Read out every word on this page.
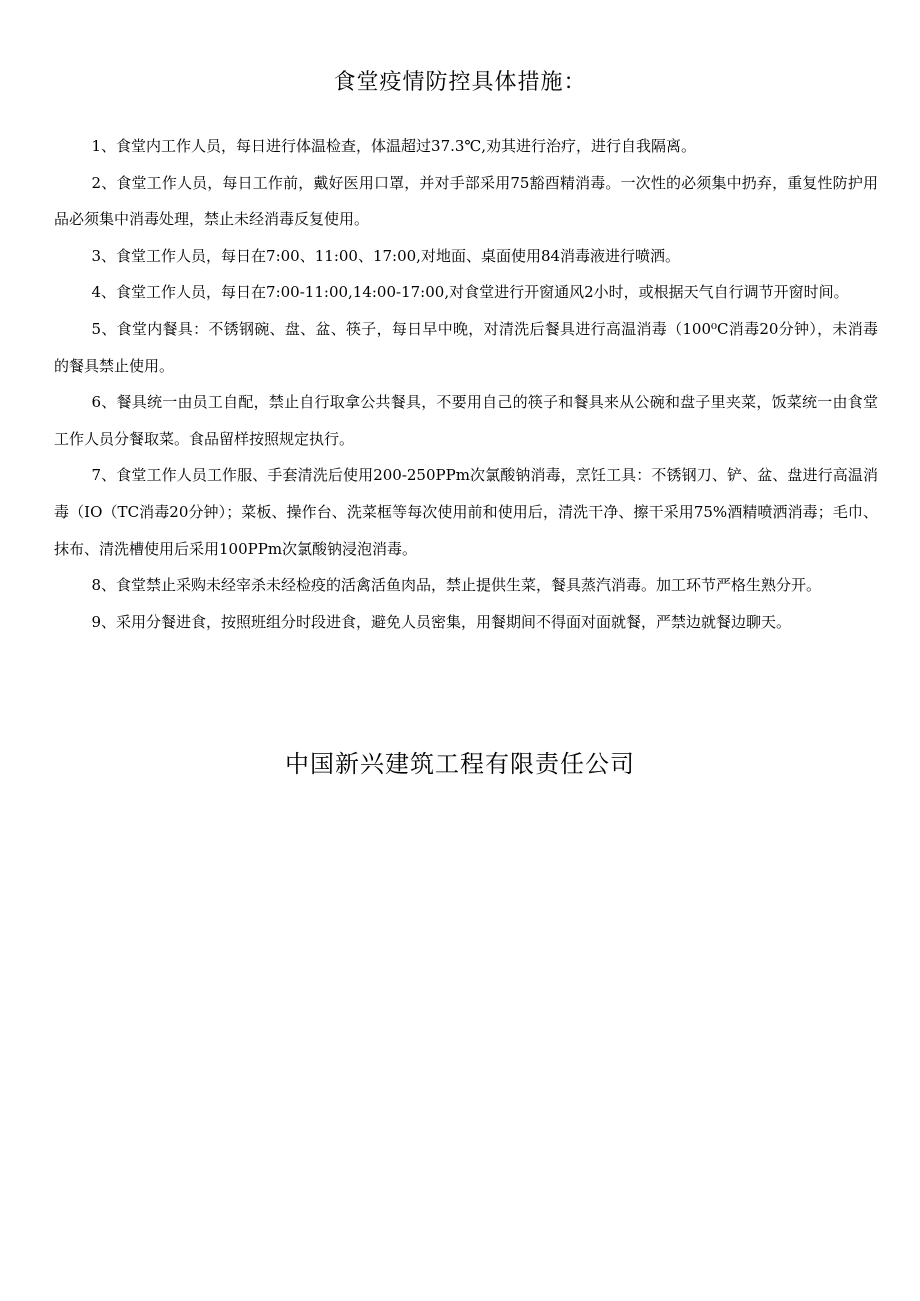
食堂疫情防控具体措施：
1、食堂内工作人员，每日进行体温检查，体温超过37.3℃,劝其进行治疗，进行自我隔离。
2、食堂工作人员，每日工作前，戴好医用口罩，并对手部采用75豁酉精消毒。一次性的必须集中扔弃，重复性防护用品必须集中消毒处理，禁止未经消毒反复使用。
3、食堂工作人员，每日在7:00、11:00、17:00,对地面、桌面使用84消毒液进行喷洒。
4、食堂工作人员，每日在7:00-11:00,14:00-17:00,对食堂进行开窗通风2小时，或根据天气自行调节开窗时间。
5、食堂内餐具：不锈钢碗、盘、盆、筷子，每日早中晚，对清洗后餐具进行高温消毒（100⁰C消毒20分钟），未消毒的餐具禁止使用。
6、餐具统一由员工自配，禁止自行取拿公共餐具，不要用自己的筷子和餐具来从公碗和盘子里夹菜，饭菜统一由食堂工作人员分餐取菜。食品留样按照规定执行。
7、食堂工作人员工作服、手套清洗后使用200-250PPm次氯酸钠消毒，烹饪工具：不锈钢刀、铲、盆、盘进行高温消毒（IO（TC消毒20分钟）；菜板、操作台、洗菜框等每次使用前和使用后，清洗干净、擦干采用75%酒精喷洒消毒；毛巾、抹布、清洗槽使用后采用100PPm次氯酸钠浸泡消毒。
8、食堂禁止采购未经宰杀未经检疫的活禽活鱼肉品，禁止提供生菜，餐具蒸汽消毒。加工环节严格生熟分开。
9、采用分餐进食，按照班组分时段进食，避免人员密集，用餐期间不得面对面就餐，严禁边就餐边聊天。
中国新兴建筑工程有限责任公司
